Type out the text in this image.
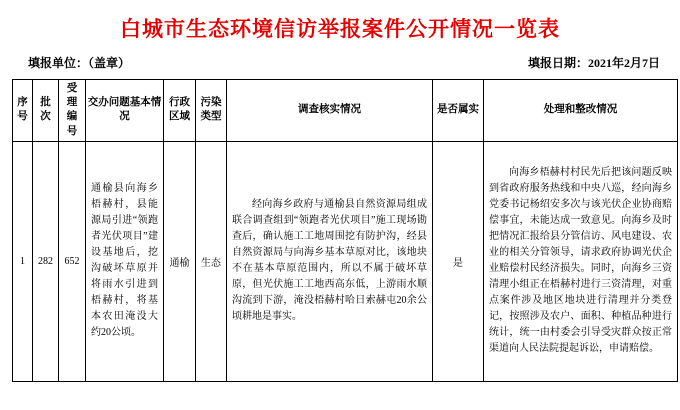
白城市生态环境信访举报案件公开情况一览表
填报单位：（盖章）	填报日期：2021年2月7日
序号	批次	受理编号	交办问题基本情况	行政区域	污染类型	调查核实情况	是否属实	处理和整改情况
1	282	652	通榆县向海乡梧赫村，县能源局引进“领跑者光伏项目”建设基地后，挖沟破坏草原并将雨水引进到梧赫村，将基本农田淹没大约20公顷。	通榆	生态	经向海乡政府与通榆县自然资源局组成联合调查组到“领跑者光伏项目”施工现场勘查后，确认施工工地周围挖有防护沟，经县自然资源局与向海乡基本草原对比，该地块不在基本草原范围内，所以不属于破坏草原，但光伏施工工地西高东低，上游雨水顺沟流到下游，淹没梧赫村哈日索赫屯20余公顷耕地是事实。	是	向海乡梧赫村村民先后把该问题反映到省政府服务热线和中央八巡，经向海乡党委书记杨绍安多次与该光伏企业协商赔偿事宜，未能达成一致意见。向海乡及时把情况汇报给县分管信访、风电建设、农业的相关分管领导，请求政府协调光伏企业赔偿村民经济损失。同时，向海乡三资清理小组正在梧赫村进行三资清理，对重点案件涉及地区地块进行清理并分类登记，按照涉及农户、面积、种植品种进行统计，统一由村委会引导受灾群众按正常渠道向人民法院提起诉讼，申请赔偿。
